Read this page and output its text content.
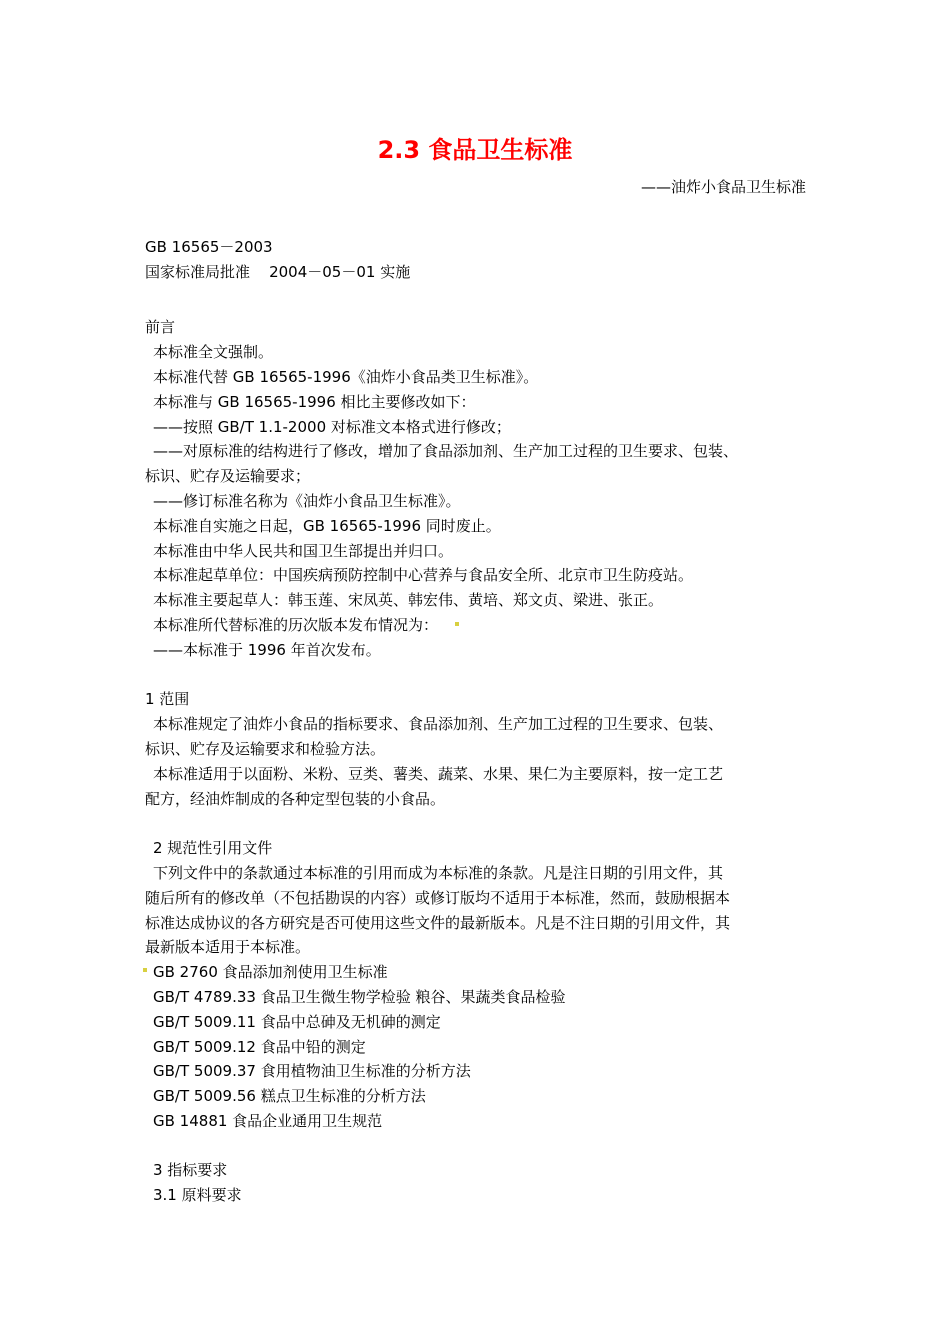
2.3 食品卫生标准
——油炸小食品卫生标准
GB 16565－2003
国家标准局批准    2004－05－01 实施
前言
本标准全文强制。
本标准代替 GB 16565-1996《油炸小食品类卫生标准》。
本标准与 GB 16565-1996 相比主要修改如下：
——按照 GB/T 1.1-2000 对标准文本格式进行修改；
——对原标准的结构进行了修改，增加了食品添加剂、生产加工过程的卫生要求、包装、
标识、贮存及运输要求；
——修订标准名称为《油炸小食品卫生标准》。
本标准自实施之日起，GB 16565-1996 同时废止。
本标准由中华人民共和国卫生部提出并归口。
本标准起草单位：中国疾病预防控制中心营养与食品安全所、北京市卫生防疫站。
本标准主要起草人：韩玉莲、宋凤英、韩宏伟、黄培、郑文贞、梁进、张正。
本标准所代替标准的历次版本发布情况为：
——本标准于 1996 年首次发布。
1 范围
本标准规定了油炸小食品的指标要求、食品添加剂、生产加工过程的卫生要求、包装、
标识、贮存及运输要求和检验方法。
本标准适用于以面粉、米粉、豆类、薯类、蔬菜、水果、果仁为主要原料，按一定工艺
配方，经油炸制成的各种定型包装的小食品。
2 规范性引用文件
下列文件中的条款通过本标准的引用而成为本标准的条款。凡是注日期的引用文件，其
随后所有的修改单（不包括勘误的内容）或修订版均不适用于本标准，然而，鼓励根据本
标准达成协议的各方研究是否可使用这些文件的最新版本。凡是不注日期的引用文件，其
最新版本适用于本标准。
GB 2760 食品添加剂使用卫生标准
GB/T 4789.33 食品卫生微生物学检验 粮谷、果蔬类食品检验
GB/T 5009.11 食品中总砷及无机砷的测定
GB/T 5009.12 食品中铅的测定
GB/T 5009.37 食用植物油卫生标准的分析方法
GB/T 5009.56 糕点卫生标准的分析方法
GB 14881 食品企业通用卫生规范
3 指标要求
3.1 原料要求
